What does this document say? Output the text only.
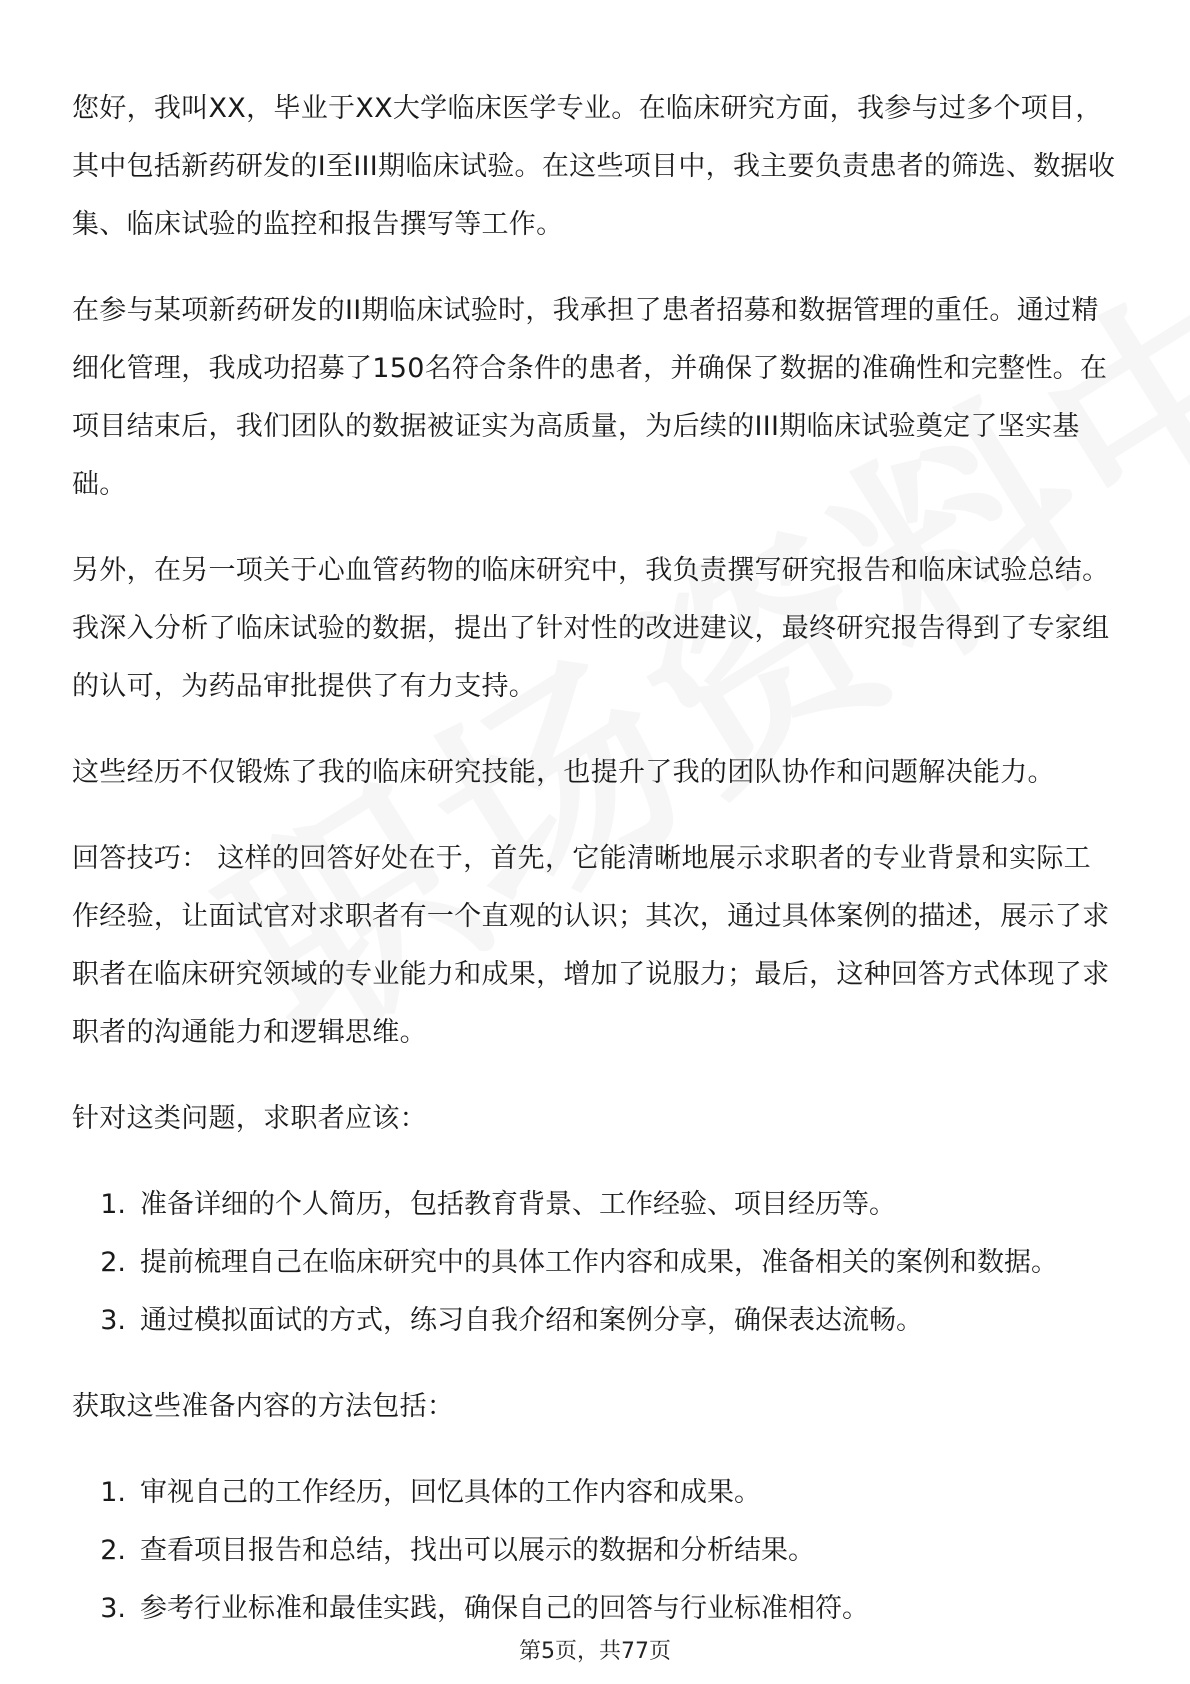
您好，我叫XX，毕业于XX大学临床医学专业。在临床研究方面，我参与过多个项目，其中包括新药研发的I至III期临床试验。在这些项目中，我主要负责患者的筛选、数据收集、临床试验的监控和报告撰写等工作。

在参与某项新药研发的II期临床试验时，我承担了患者招募和数据管理的重任。通过精细化管理，我成功招募了150名符合条件的患者，并确保了数据的准确性和完整性。在项目结束后，我们团队的数据被证实为高质量，为后续的III期临床试验奠定了坚实基础。

另外，在另一项关于心血管药物的临床研究中，我负责撰写研究报告和临床试验总结。我深入分析了临床试验的数据，提出了针对性的改进建议，最终研究报告得到了专家组的认可，为药品审批提供了有力支持。

这些经历不仅锻炼了我的临床研究技能，也提升了我的团队协作和问题解决能力。

回答技巧： 这样的回答好处在于，首先，它能清晰地展示求职者的专业背景和实际工作经验，让面试官对求职者有一个直观的认识；其次，通过具体案例的描述，展示了求职者在临床研究领域的专业能力和成果，增加了说服力；最后，这种回答方式体现了求职者的沟通能力和逻辑思维。

针对这类问题，求职者应该：

1. 准备详细的个人简历，包括教育背景、工作经验、项目经历等。
2. 提前梳理自己在临床研究中的具体工作内容和成果，准备相关的案例和数据。
3. 通过模拟面试的方式，练习自我介绍和案例分享，确保表达流畅。

获取这些准备内容的方法包括：

1. 审视自己的工作经历，回忆具体的工作内容和成果。
2. 查看项目报告和总结，找出可以展示的数据和分析结果。
3. 参考行业标准和最佳实践，确保自己的回答与行业标准相符。
第5页，共77页
